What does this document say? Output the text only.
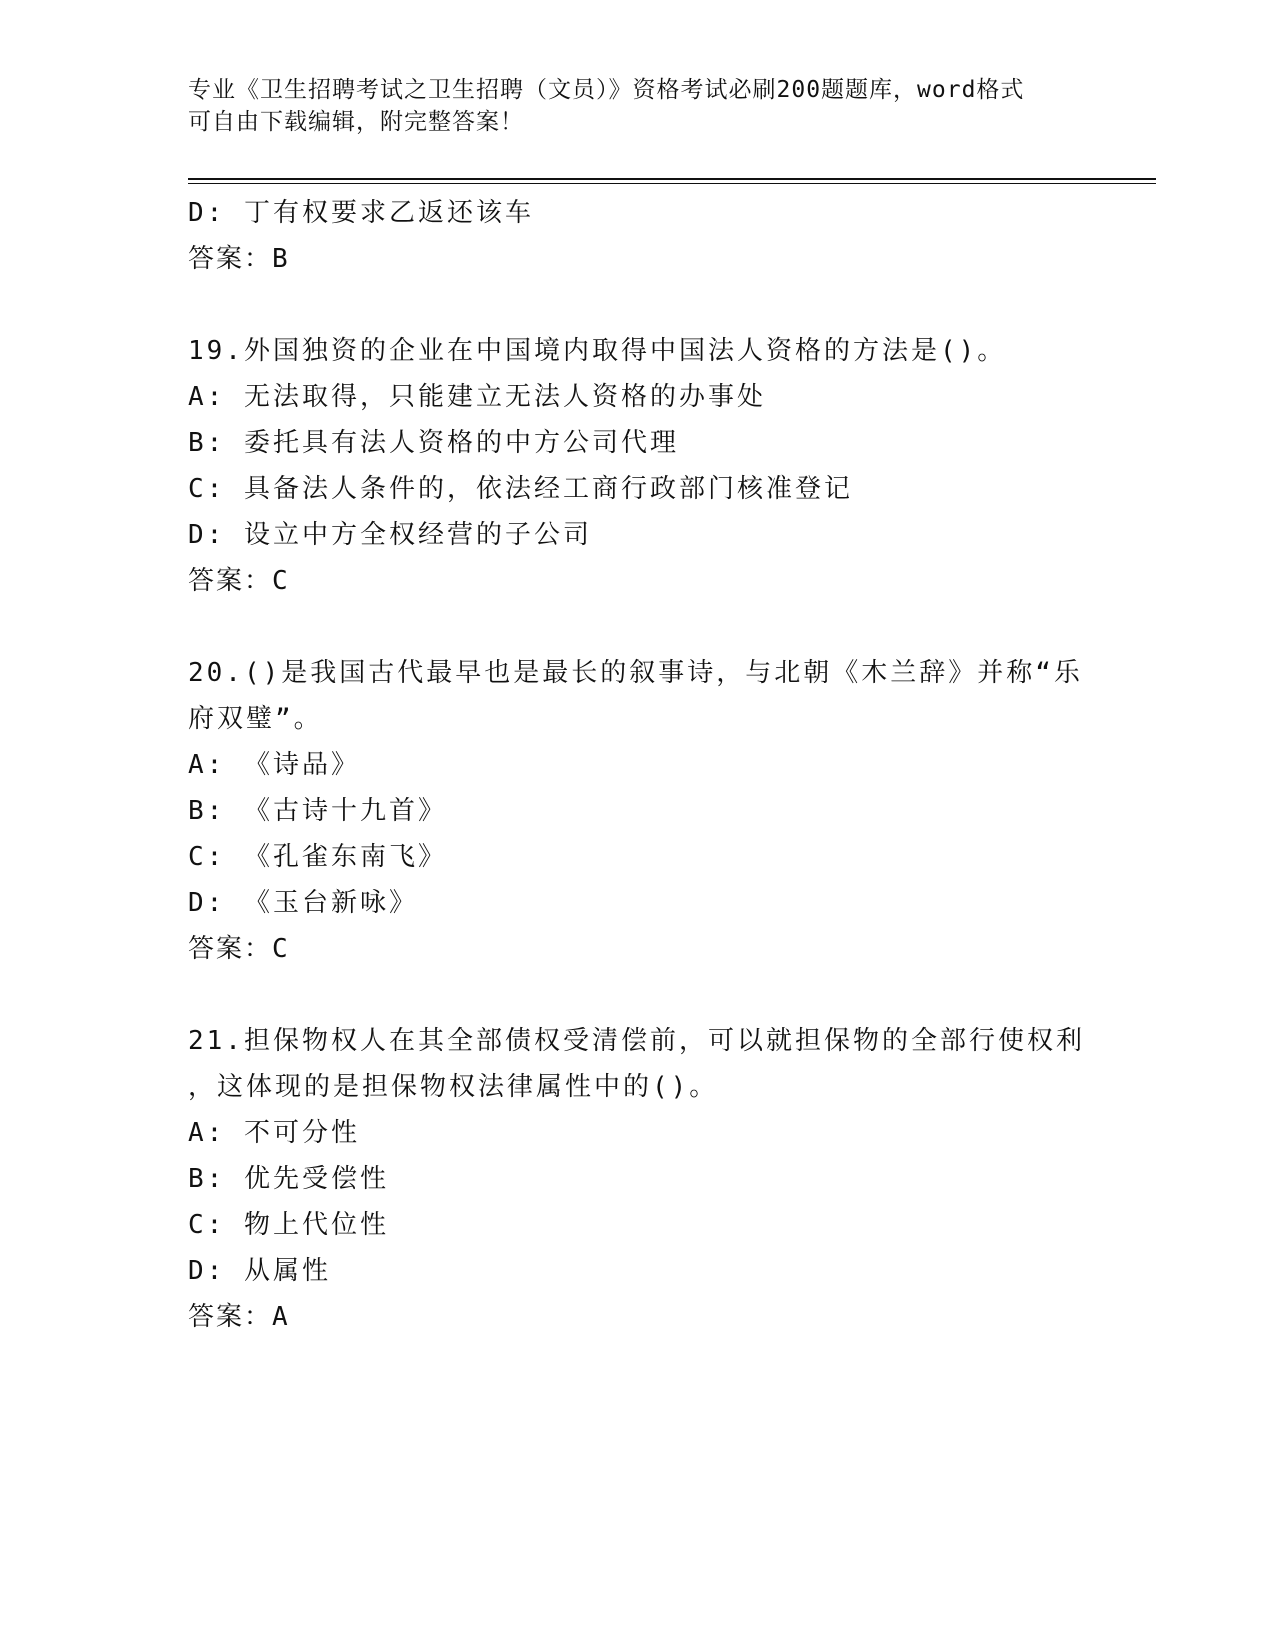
专业《卫生招聘考试之卫生招聘（文员）》资格考试必刷200题题库，word格式
可自由下载编辑，附完整答案！
D: 丁有权要求乙返还该车
答案：B
19.外国独资的企业在中国境内取得中国法人资格的方法是()。
A: 无法取得，只能建立无法人资格的办事处
B: 委托具有法人资格的中方公司代理
C: 具备法人条件的，依法经工商行政部门核准登记
D: 设立中方全权经营的子公司
答案：C
20.()是我国古代最早也是最长的叙事诗，与北朝《木兰辞》并称“乐
府双璧”。
A: 《诗品》
B: 《古诗十九首》
C: 《孔雀东南飞》
D: 《玉台新咏》
答案：C
21.担保物权人在其全部债权受清偿前，可以就担保物的全部行使权利
，这体现的是担保物权法律属性中的()。
A: 不可分性
B: 优先受偿性
C: 物上代位性
D: 从属性
答案：A
